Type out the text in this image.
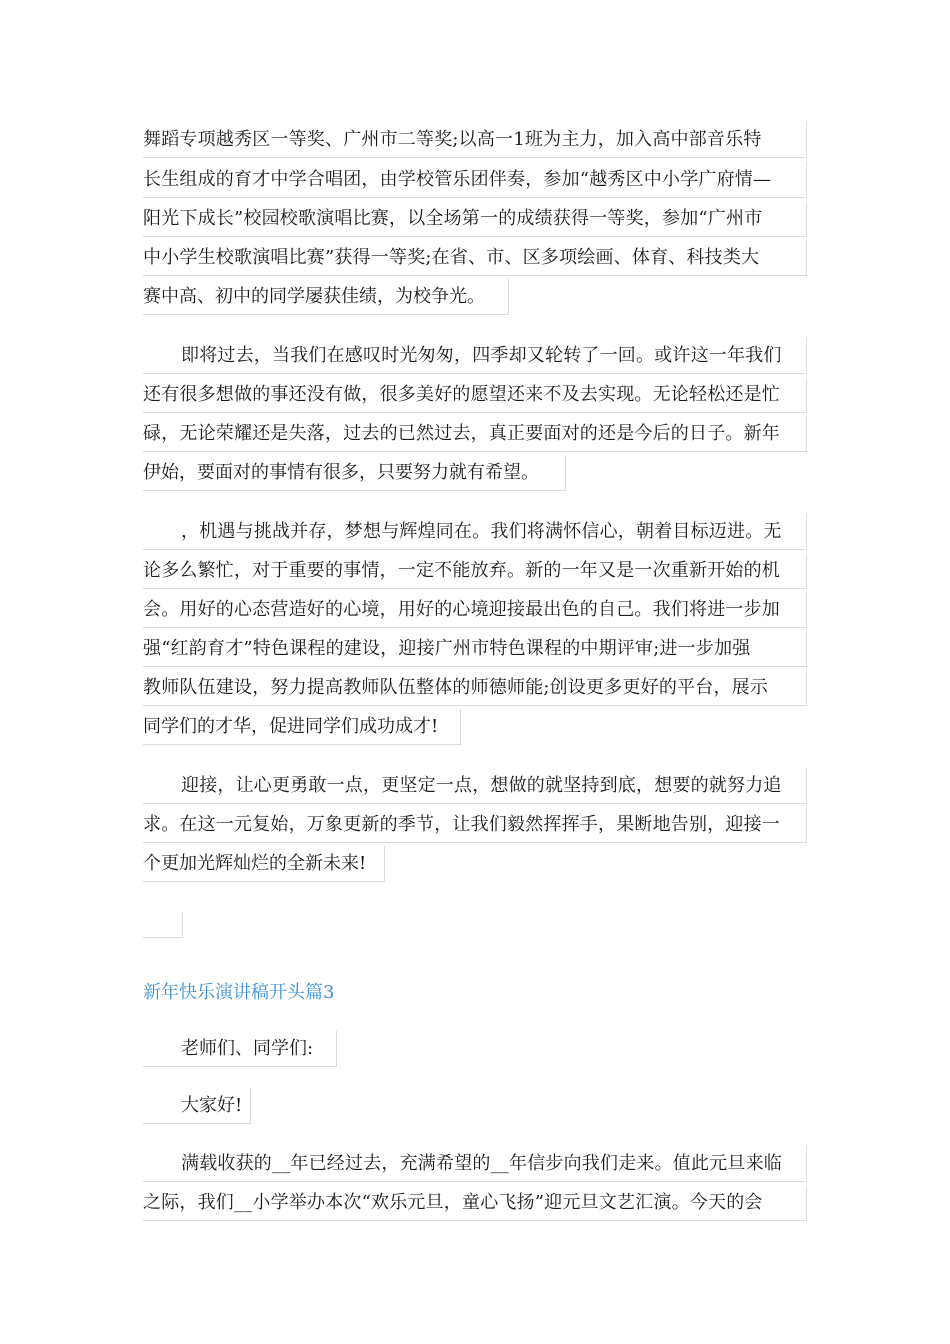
舞蹈专项越秀区一等奖、广州市二等奖;以高一1班为主力，加入高中部音乐特
长生组成的育才中学合唱团，由学校管乐团伴奏，参加“越秀区中小学广府情—
阳光下成长”校园校歌演唱比赛，以全场第一的成绩获得一等奖，参加“广州市
中小学生校歌演唱比赛”获得一等奖;在省、市、区多项绘画、体育、科技类大
赛中高、初中的同学屡获佳绩，为校争光。
即将过去，当我们在感叹时光匆匆，四季却又轮转了一回。或许这一年我们
还有很多想做的事还没有做，很多美好的愿望还来不及去实现。无论轻松还是忙
碌，无论荣耀还是失落，过去的已然过去，真正要面对的还是今后的日子。新年
伊始，要面对的事情有很多，只要努力就有希望。
，机遇与挑战并存，梦想与辉煌同在。我们将满怀信心，朝着目标迈进。无
论多么繁忙，对于重要的事情，一定不能放弃。新的一年又是一次重新开始的机
会。用好的心态营造好的心境，用好的心境迎接最出色的自己。我们将进一步加
强“红韵育才”特色课程的建设，迎接广州市特色课程的中期评审;进一步加强
教师队伍建设，努力提高教师队伍整体的师德师能;创设更多更好的平台，展示
同学们的才华，促进同学们成功成才!
迎接，让心更勇敢一点，更坚定一点，想做的就坚持到底，想要的就努力追
求。在这一元复始，万象更新的季节，让我们毅然挥挥手，果断地告别，迎接一
个更加光辉灿烂的全新未来!
新年快乐演讲稿开头篇3
老师们、同学们:
大家好!
满载收获的__年已经过去，充满希望的__年信步向我们走来。值此元旦来临
之际，我们__小学举办本次“欢乐元旦，童心飞扬”迎元旦文艺汇演。今天的会
